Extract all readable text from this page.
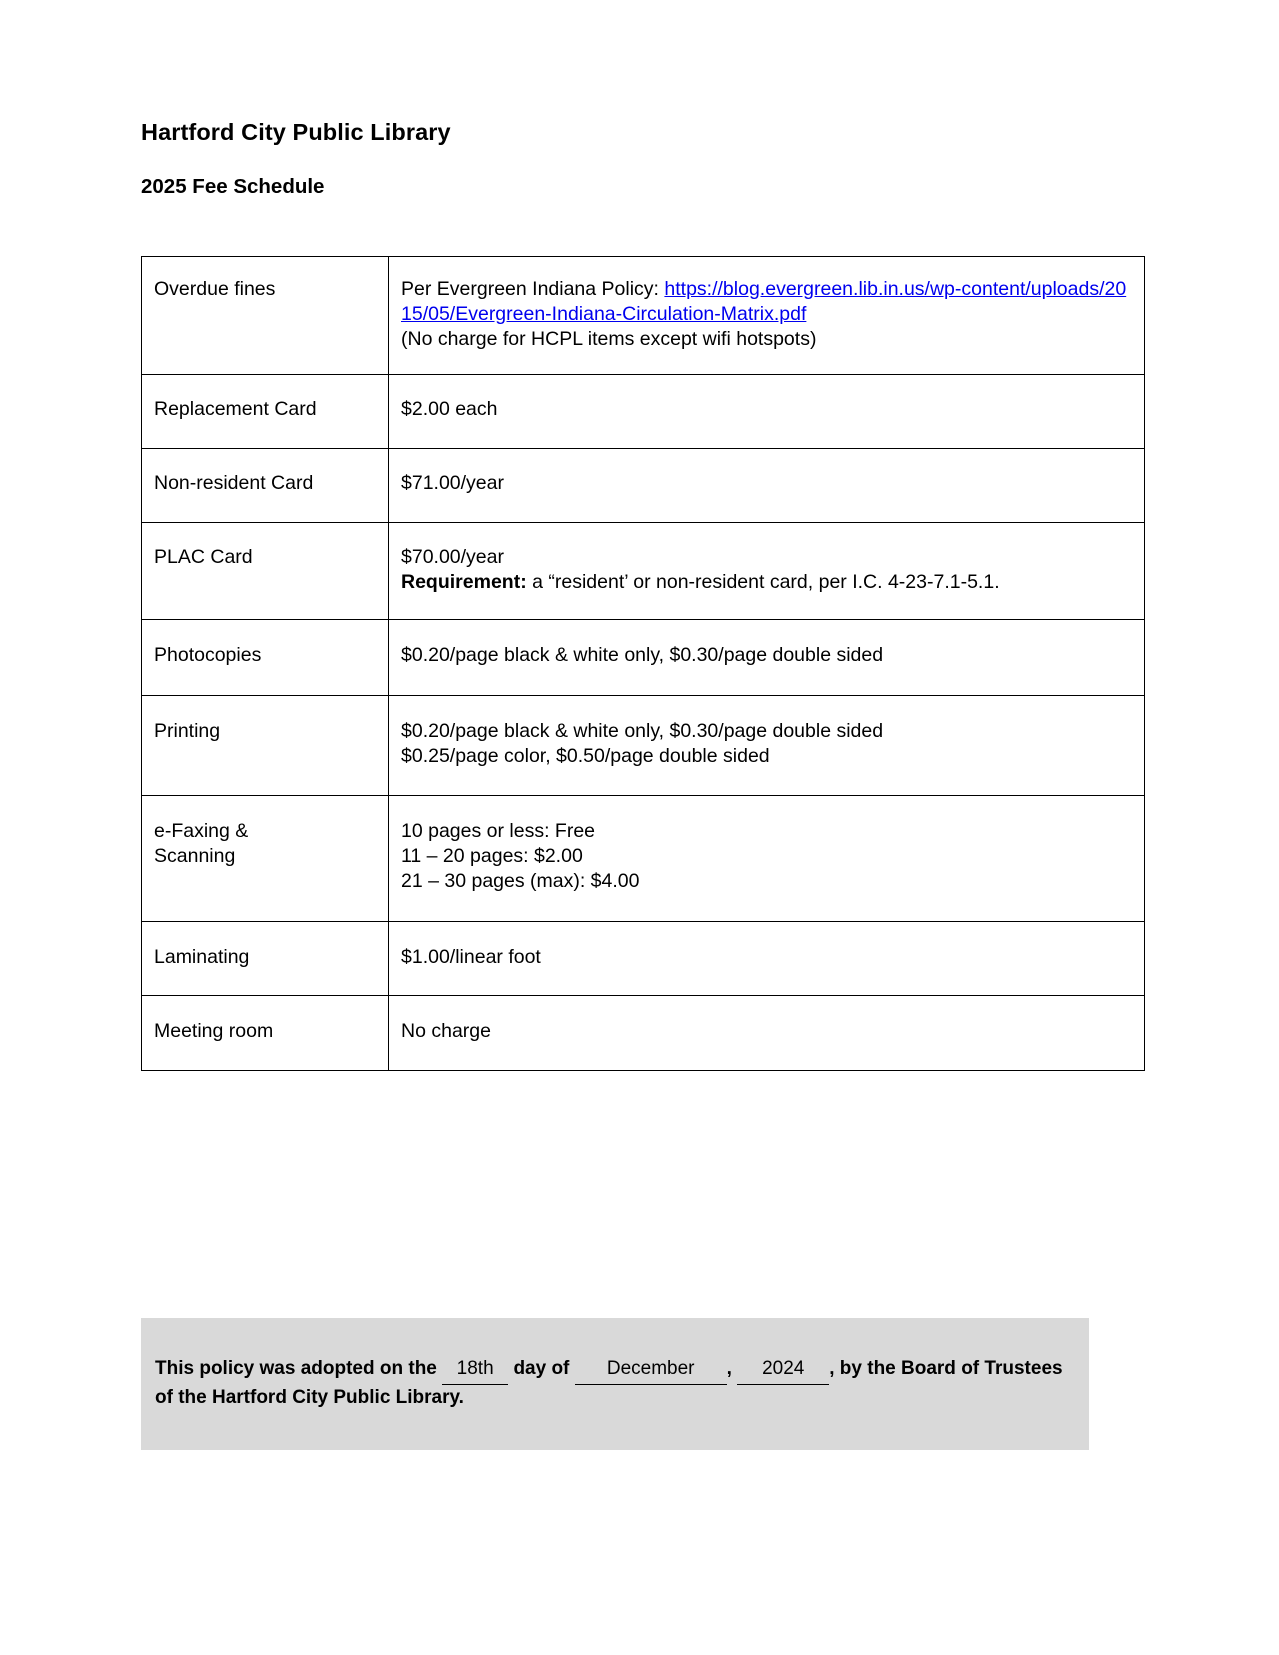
Hartford City Public Library
2025 Fee Schedule
Overdue fines	Per Evergreen Indiana Policy: https://blog.evergreen.lib.in.us/wp-content/uploads/2015/05/Evergreen-Indiana-Circulation-Matrix.pdf
(No charge for HCPL items except wifi hotspots)

Replacement Card	$2.00 each
Non-resident Card	$71.00/year
PLAC Card	$70.00/year
Requirement: a “resident’ or non-resident card, per I.C. 4-23-7.1-5.1.

Photocopies	$0.20/page black & white only, $0.30/page double sided
Printing	$0.20/page black & white only, $0.30/page double sided
$0.25/page color, $0.50/page double sided

e-Faxing &
Scanning	10 pages or less: Free
11 – 20 pages: $2.00
21 – 30 pages (max): $4.00

Laminating	$1.00/linear foot
Meeting room	No charge
This policy was adopted on the 18th day of December , 2024 , by the Board of Trustees of the Hartford City Public Library.
